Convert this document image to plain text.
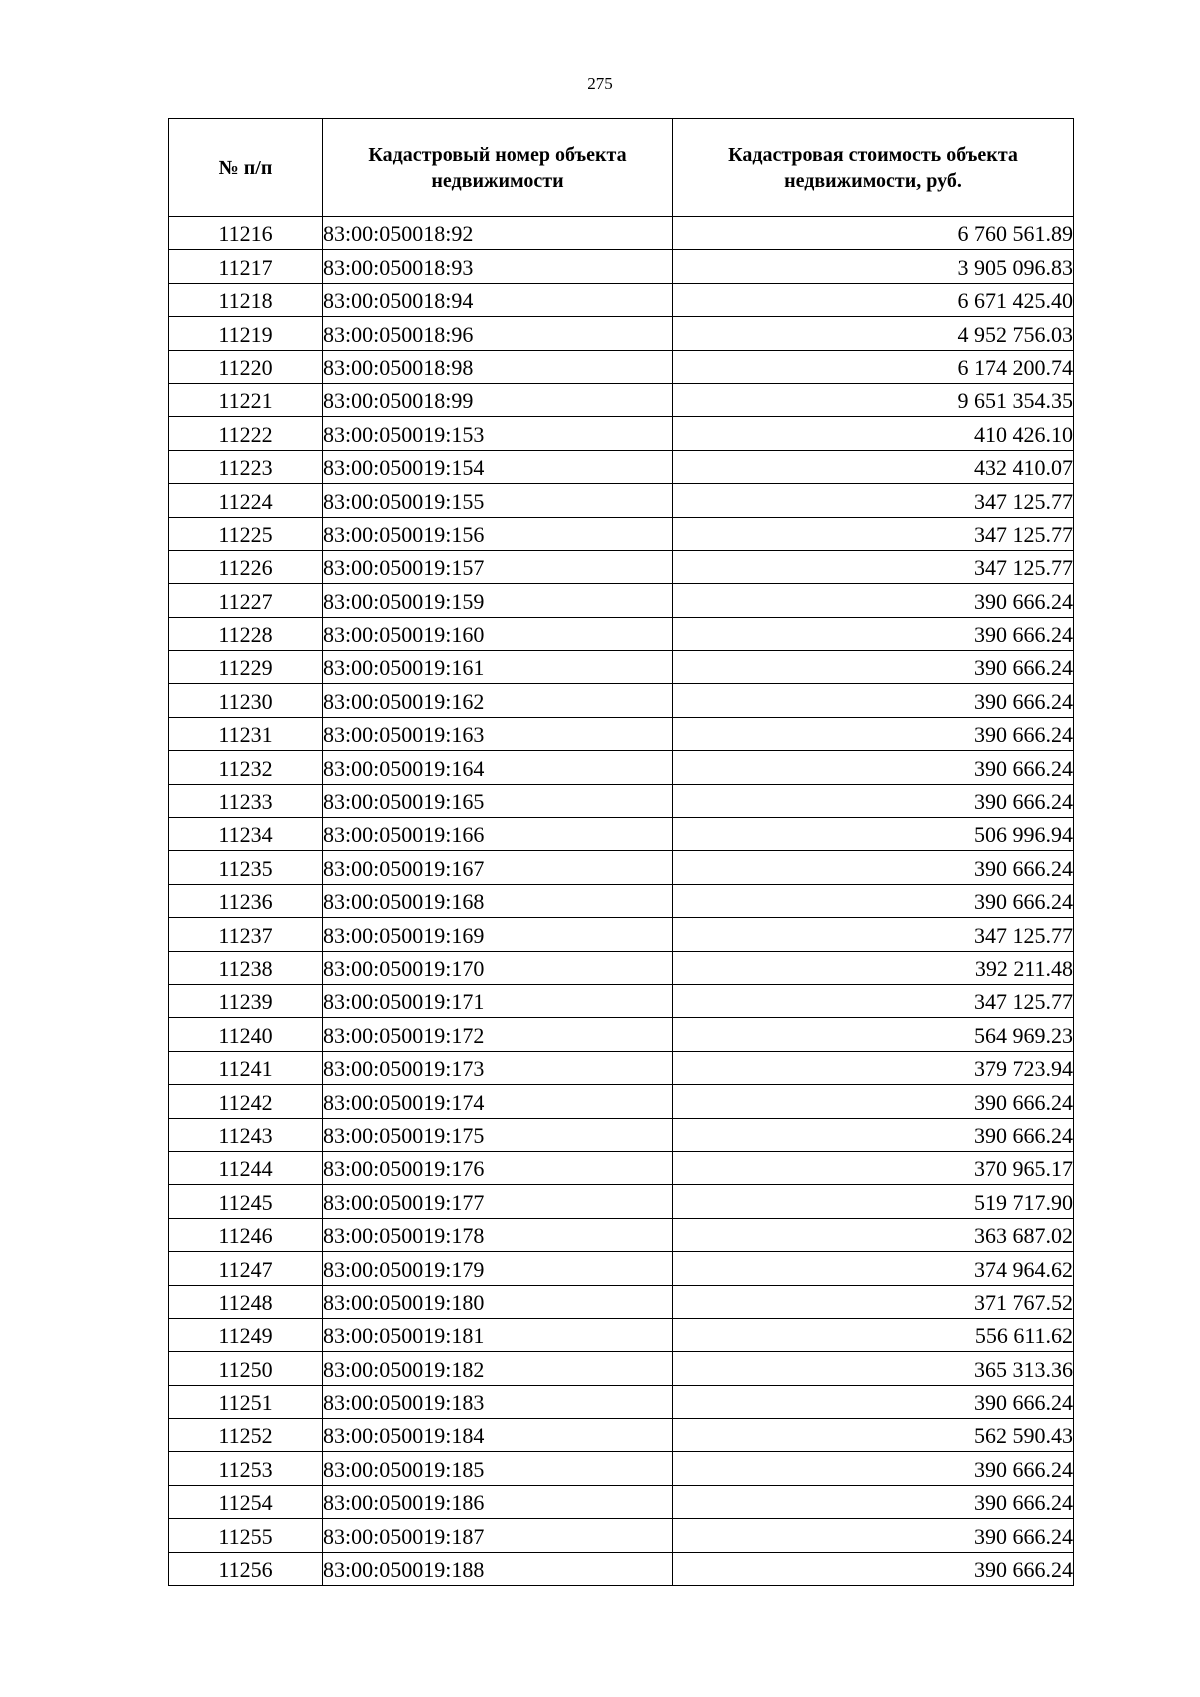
275
№ п/п	Кадастровый номер объекта недвижимости	Кадастровая стоимость объекта недвижимости, руб.
11216	83:00:050018:92	6 760 561.89
11217	83:00:050018:93	3 905 096.83
11218	83:00:050018:94	6 671 425.40
11219	83:00:050018:96	4 952 756.03
11220	83:00:050018:98	6 174 200.74
11221	83:00:050018:99	9 651 354.35
11222	83:00:050019:153	410 426.10
11223	83:00:050019:154	432 410.07
11224	83:00:050019:155	347 125.77
11225	83:00:050019:156	347 125.77
11226	83:00:050019:157	347 125.77
11227	83:00:050019:159	390 666.24
11228	83:00:050019:160	390 666.24
11229	83:00:050019:161	390 666.24
11230	83:00:050019:162	390 666.24
11231	83:00:050019:163	390 666.24
11232	83:00:050019:164	390 666.24
11233	83:00:050019:165	390 666.24
11234	83:00:050019:166	506 996.94
11235	83:00:050019:167	390 666.24
11236	83:00:050019:168	390 666.24
11237	83:00:050019:169	347 125.77
11238	83:00:050019:170	392 211.48
11239	83:00:050019:171	347 125.77
11240	83:00:050019:172	564 969.23
11241	83:00:050019:173	379 723.94
11242	83:00:050019:174	390 666.24
11243	83:00:050019:175	390 666.24
11244	83:00:050019:176	370 965.17
11245	83:00:050019:177	519 717.90
11246	83:00:050019:178	363 687.02
11247	83:00:050019:179	374 964.62
11248	83:00:050019:180	371 767.52
11249	83:00:050019:181	556 611.62
11250	83:00:050019:182	365 313.36
11251	83:00:050019:183	390 666.24
11252	83:00:050019:184	562 590.43
11253	83:00:050019:185	390 666.24
11254	83:00:050019:186	390 666.24
11255	83:00:050019:187	390 666.24
11256	83:00:050019:188	390 666.24
